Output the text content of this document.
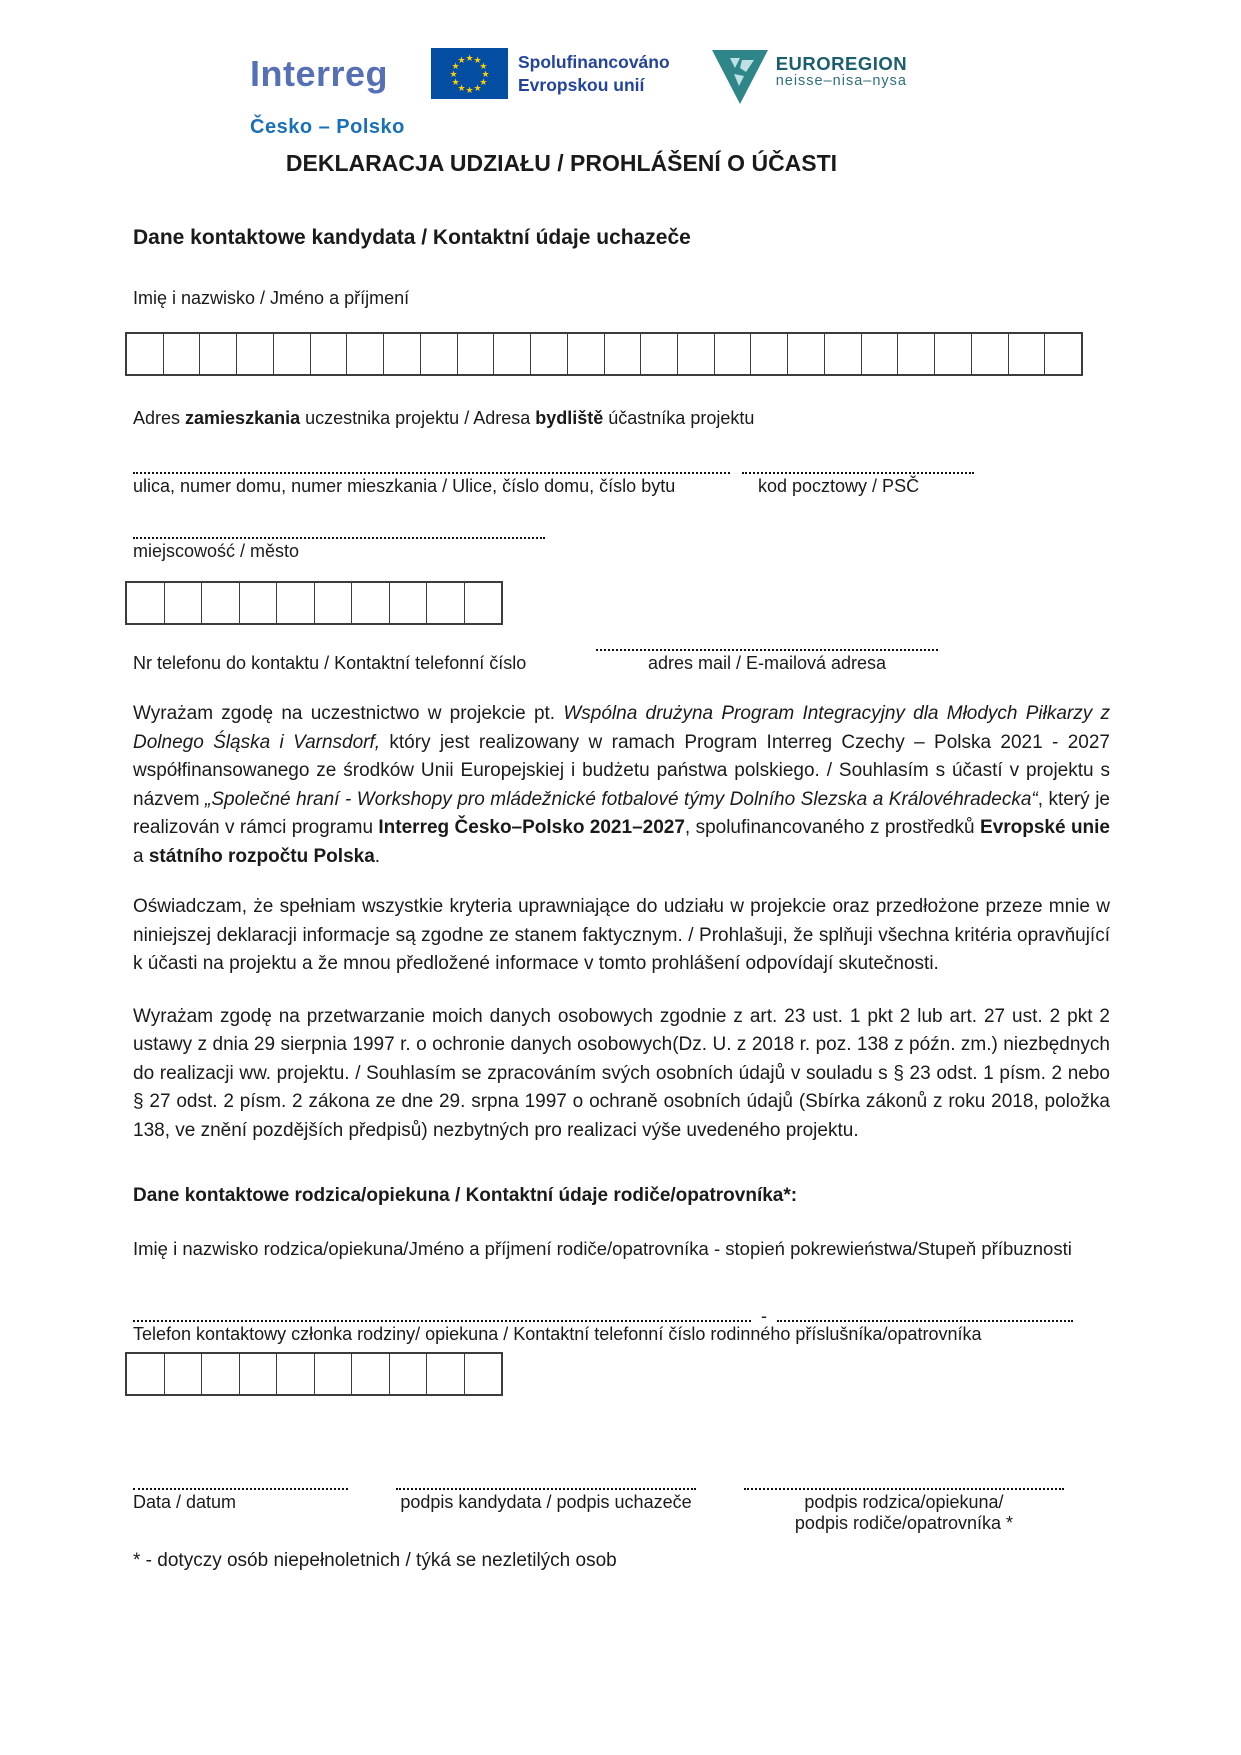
Interreg	★ ★
★
★
★
★
★
★
★
★
★
★	Spolufinancováno
Evropskou unií
EUROREGION
neisse–nisa–nysa
Česko – Polsko
DEKLARACJA UDZIAŁU / PROHLÁŠENÍ O ÚČASTI
Dane kontaktowe kandydata / Kontaktní údaje uchazeče
Imię i nazwisko / Jméno a příjmení
Adres zamieszkania uczestnika projektu / Adresa bydliště účastníka projektu
ulica, numer domu, numer mieszkania / Ulice, číslo domu, číslo bytu	kod pocztowy / PSČ
miejscowość / město
Nr telefonu do kontaktu / Kontaktní telefonní číslo	adres mail / E-mailová adresa
Wyrażam zgodę na uczestnictwo w projekcie pt. Wspólna drużyna Program Integracyjny dla Młodych Piłkarzy z Dolnego Śląska i Varnsdorf, który jest realizowany w ramach Program Interreg Czechy – Polska 2021 - 2027 współfinansowanego ze środków Unii Europejskiej i budżetu państwa polskiego. / Souhlasím s účastí v projektu s názvem „Společné hraní - Workshopy pro mládežnické fotbalové týmy Dolního Slezska a Královéhradecka“, který je realizován v rámci programu Interreg Česko–Polsko 2021–2027, spolufinancovaného z prostředků Evropské unie a státního rozpočtu Polska.
Oświadczam, że spełniam wszystkie kryteria uprawniające do udziału w projekcie oraz przedłożone przeze mnie w niniejszej deklaracji informacje są zgodne ze stanem faktycznym. / Prohlašuji, že splňuji všechna kritéria opravňující k účasti na projektu a že mnou předložené informace v tomto prohlášení odpovídají skutečnosti.
Wyrażam zgodę na przetwarzanie moich danych osobowych zgodnie z art. 23 ust. 1 pkt 2 lub art. 27 ust. 2 pkt 2 ustawy z dnia 29 sierpnia 1997 r. o ochronie danych osobowych(Dz. U. z 2018 r. poz. 138 z późn. zm.) niezbędnych do realizacji ww. projektu. / Souhlasím se zpracováním svých osobních údajů v souladu s § 23 odst. 1 písm. 2 nebo § 27 odst. 2 písm. 2 zákona ze dne 29. srpna 1997 o ochraně osobních údajů (Sbírka zákonů z roku 2018, položka 138, ve znění pozdějších předpisů) nezbytných pro realizaci výše uvedeného projektu.
Dane kontaktowe rodzica/opiekuna / Kontaktní údaje rodiče/opatrovníka*:
Imię i nazwisko rodzica/opiekuna/Jméno a příjmení rodiče/opatrovníka - stopień pokrewieństwa/Stupeň příbuznosti
-
Telefon kontaktowy członka rodziny/ opiekuna / Kontaktní telefonní číslo rodinného příslušníka/opatrovníka
Data / datum	podpis kandydata / podpis uchazeče	podpis rodzica/opiekuna/
podpis rodiče/opatrovníka *
* - dotyczy osób niepełnoletnich / týká se nezletilých osob
